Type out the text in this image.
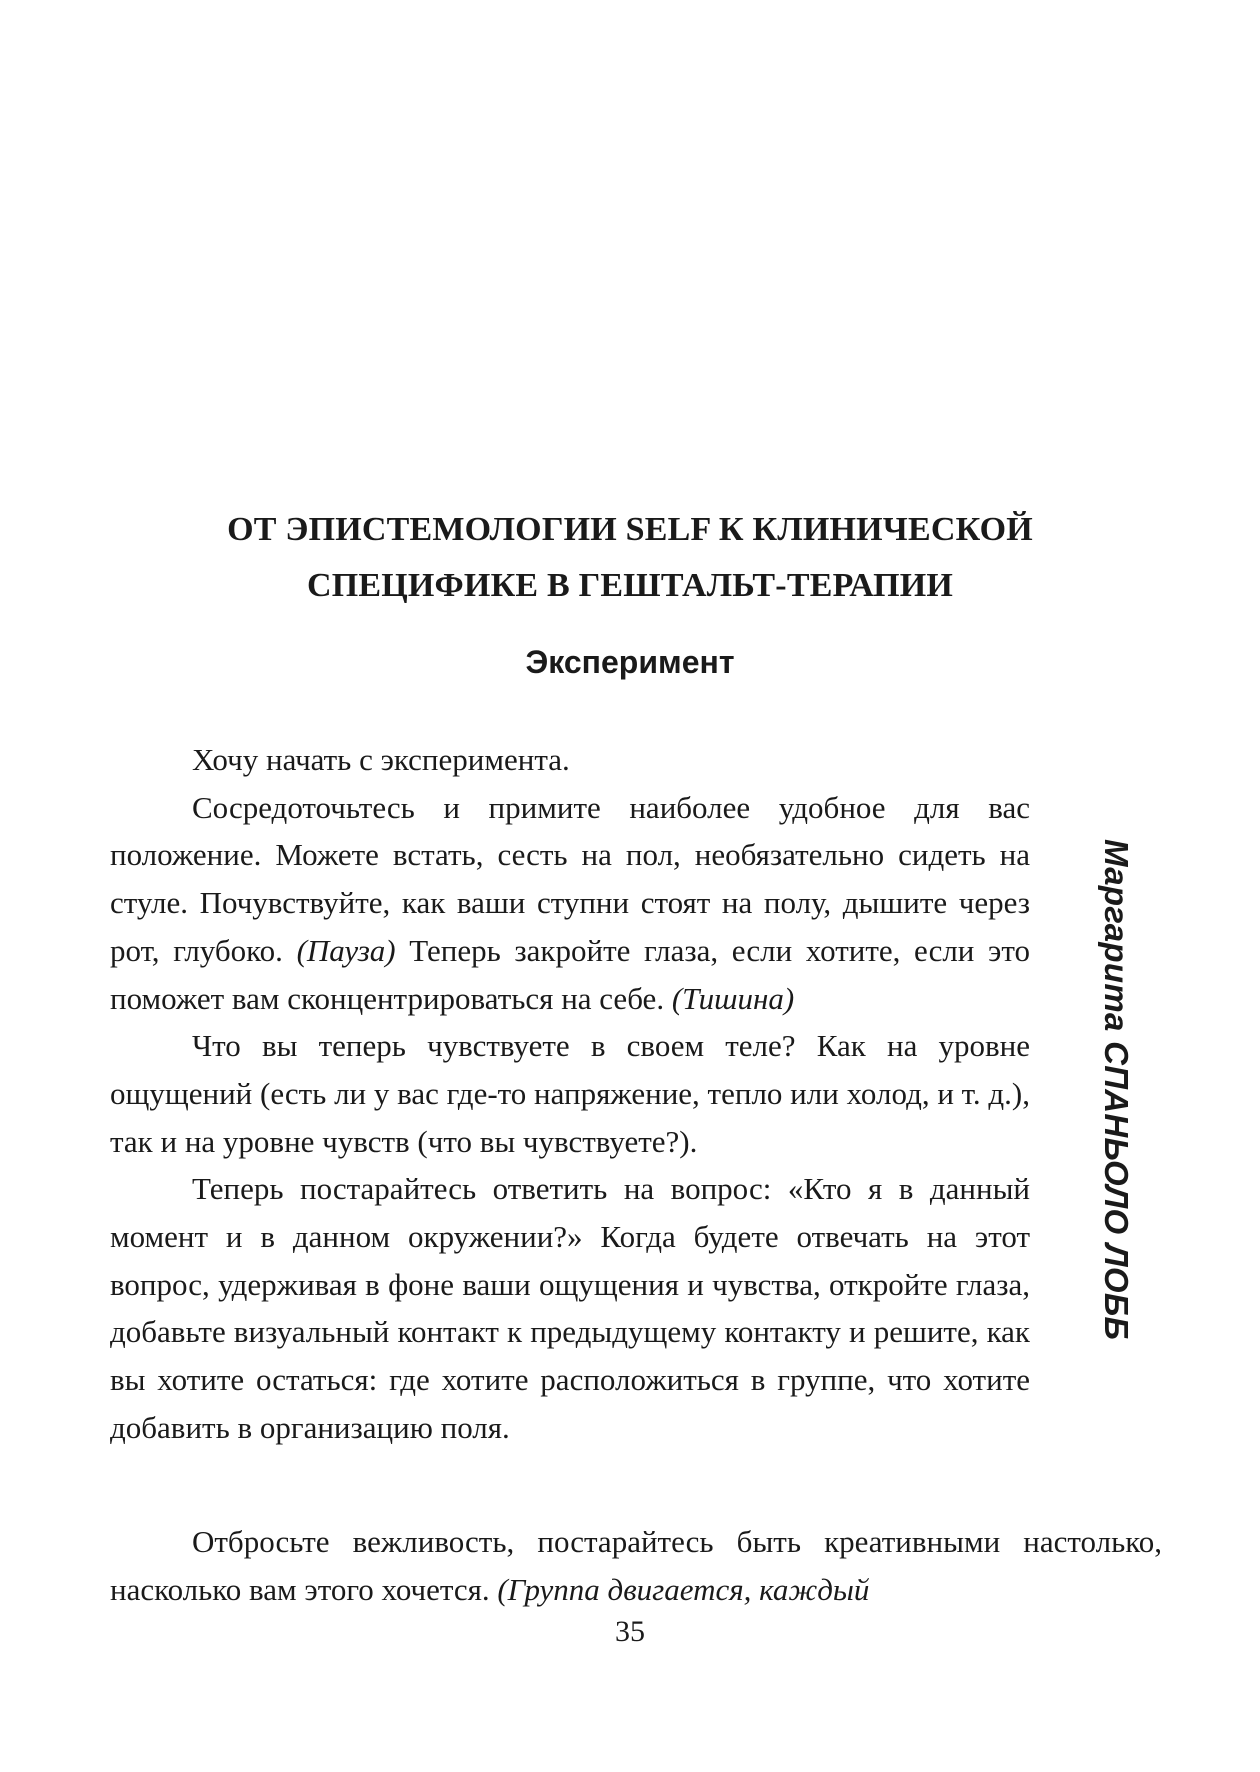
ОТ ЭПИСТЕМОЛОГИИ SELF К КЛИНИЧЕСКОЙ
СПЕЦИФИКЕ В ГЕШТАЛЬТ-ТЕРАПИИ
Эксперимент

Хочу начать с эксперимента.

Сосредоточьтесь и примите наиболее удобное для вас положение. Можете встать, сесть на пол, необязательно сидеть на стуле. Почувствуйте, как ваши ступни стоят на полу, дышите через рот, глубоко. (Пауза) Теперь закройте глаза, если хотите, если это поможет вам сконцентрироваться на себе. (Тишина)

Что вы теперь чувствуете в своем теле? Как на уровне ощущений (есть ли у вас где-то напряжение, тепло или холод, и т. д.), так и на уровне чувств (что вы чувствуете?).

Теперь постарайтесь ответить на вопрос: «Кто я в данный момент и в данном окружении?» Когда будете отвечать на этот вопрос, удерживая в фоне ваши ощущения и чувства, откройте глаза, добавьте визуальный контакт к предыдущему контакту и решите, как вы хотите остаться: где хотите расположиться в группе, что хотите добавить в организацию поля.

Отбросьте вежливость, постарайтесь быть креативными настолько, насколько вам этого хочется. (Группа двигается, каждый

Маргарита СПАНЬОЛО ЛОББ
35
